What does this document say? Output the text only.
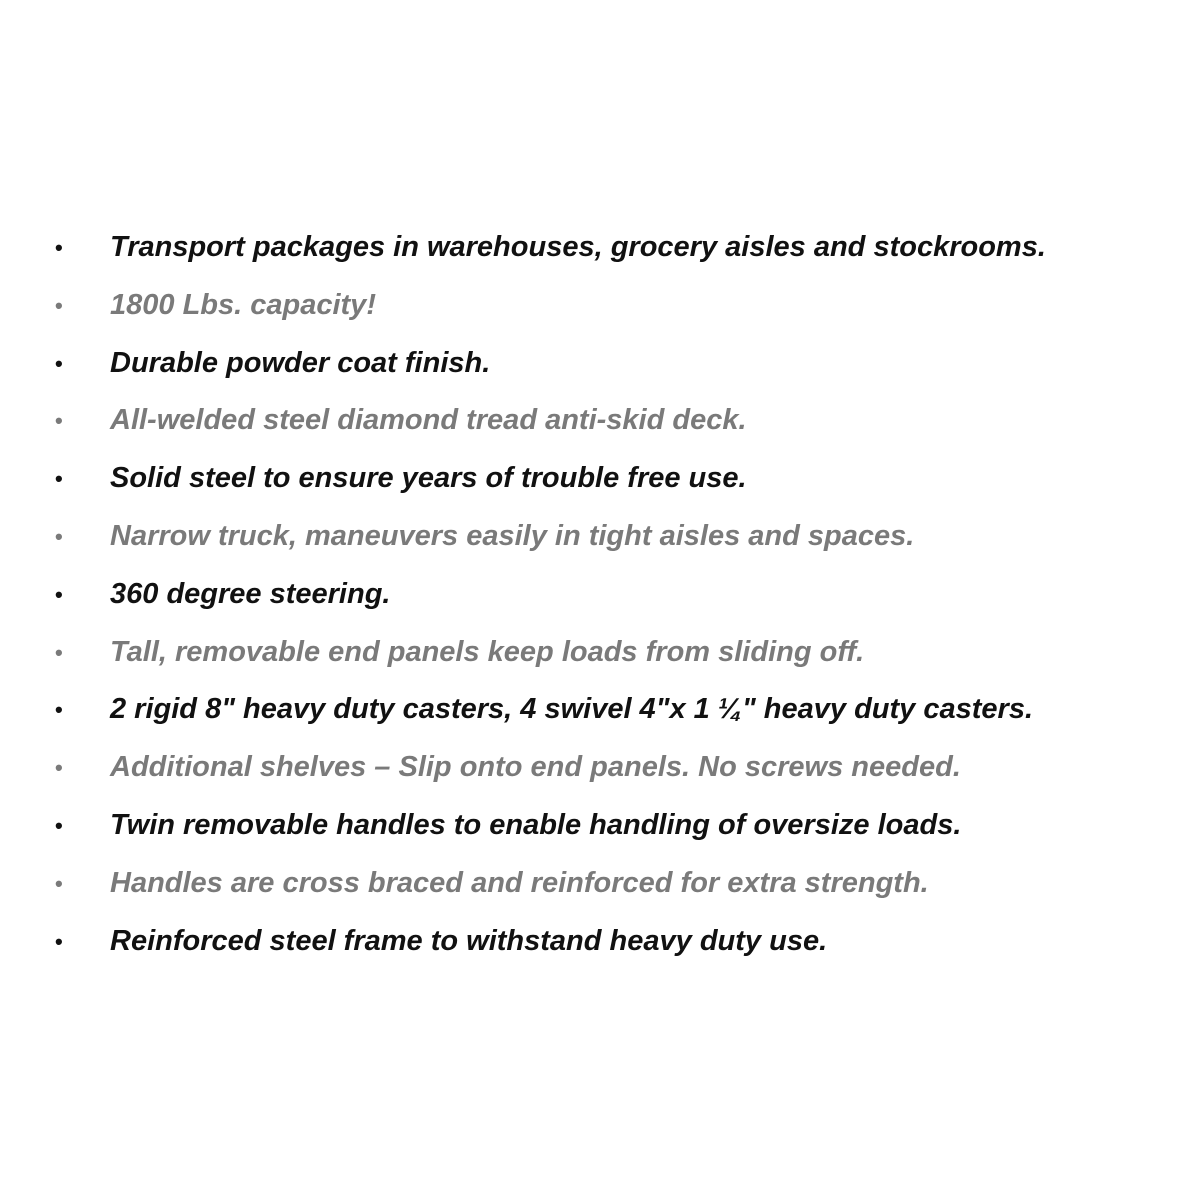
• Transport packages in warehouses, grocery aisles and stockrooms.
• 1800 Lbs. capacity!
• Durable powder coat finish.
• All-welded steel diamond tread anti-skid deck.
• Solid steel to ensure years of trouble free use.
• Narrow truck, maneuvers easily in tight aisles and spaces.
• 360 degree steering.
• Tall, removable end panels keep loads from sliding off.
• 2 rigid 8" heavy duty casters, 4 swivel 4"x 1 ¼" heavy duty casters.
• Additional shelves – Slip onto end panels. No screws needed.
• Twin removable handles to enable handling of oversize loads.
• Handles are cross braced and reinforced for extra strength.
• Reinforced steel frame to withstand heavy duty use.
